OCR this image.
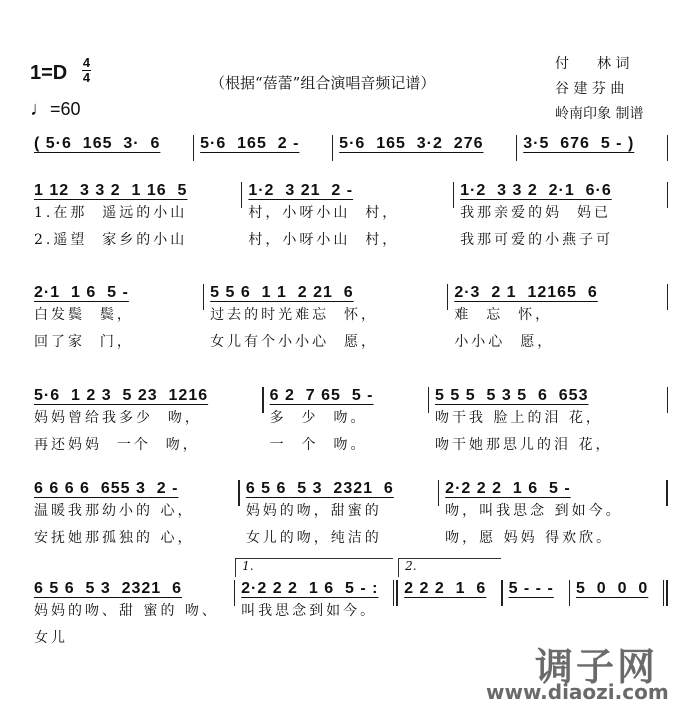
1=D 4
4
♩=60
（根据“蓓蕾”组合演唱音频记谱）
付　　林 词
谷 建 芬 曲
岭南印象 制谱
( 5·6  165  3·  6	5·6  165  2 -	5·6  165  3·2  276	3·5  676  5 - )
1 12  3 3 2  1 16  5
1.在那  遥远的小山
2.遥望  家乡的小山
1·2  3 21  2 -
村，小呀小山  村，
村，小呀小山  村，
1·2  3 3 2  2·1  6·6
我那亲爱的妈  妈已
我那可爱的小燕子可
2·1  1 6  5 -
白发鬓  鬓，
回了家  门，
5 5 6  1 1  2 21  6
过去的时光难忘  怀，
女儿有个小小心  愿，
2·3  2 1  12165  6
难  忘  怀，
小小心  愿，
5·6  1 2 3  5 23  1216
妈妈曾给我多少  吻，
再还妈妈  一个  吻，
6 2  7 65  5 -
多  少  吻。
一  个  吻。
5 5 5  5 3 5  6  653
吻干我 脸上的泪 花，
吻干她那思儿的泪 花，
6 6 6 6  655 3  2 -
温暖我那幼小的 心，
安抚她那孤独的 心，
6 5 6  5 3  2321  6
妈妈的吻，甜蜜的
女儿的吻，纯洁的
2·2 2 2  1 6  5 -
吻，叫我思念 到如今。
吻，愿 妈妈 得欢欣。
6 5 6  5 3  2321  6
妈妈的吻、甜 蜜的 吻、
女儿
1.
2·2 2 2  1 6  5 - :
叫我思念到如今。
2.
2 2 2  1  6	5 - - -	5  0  0  0
调子网
www.diaozi.com
